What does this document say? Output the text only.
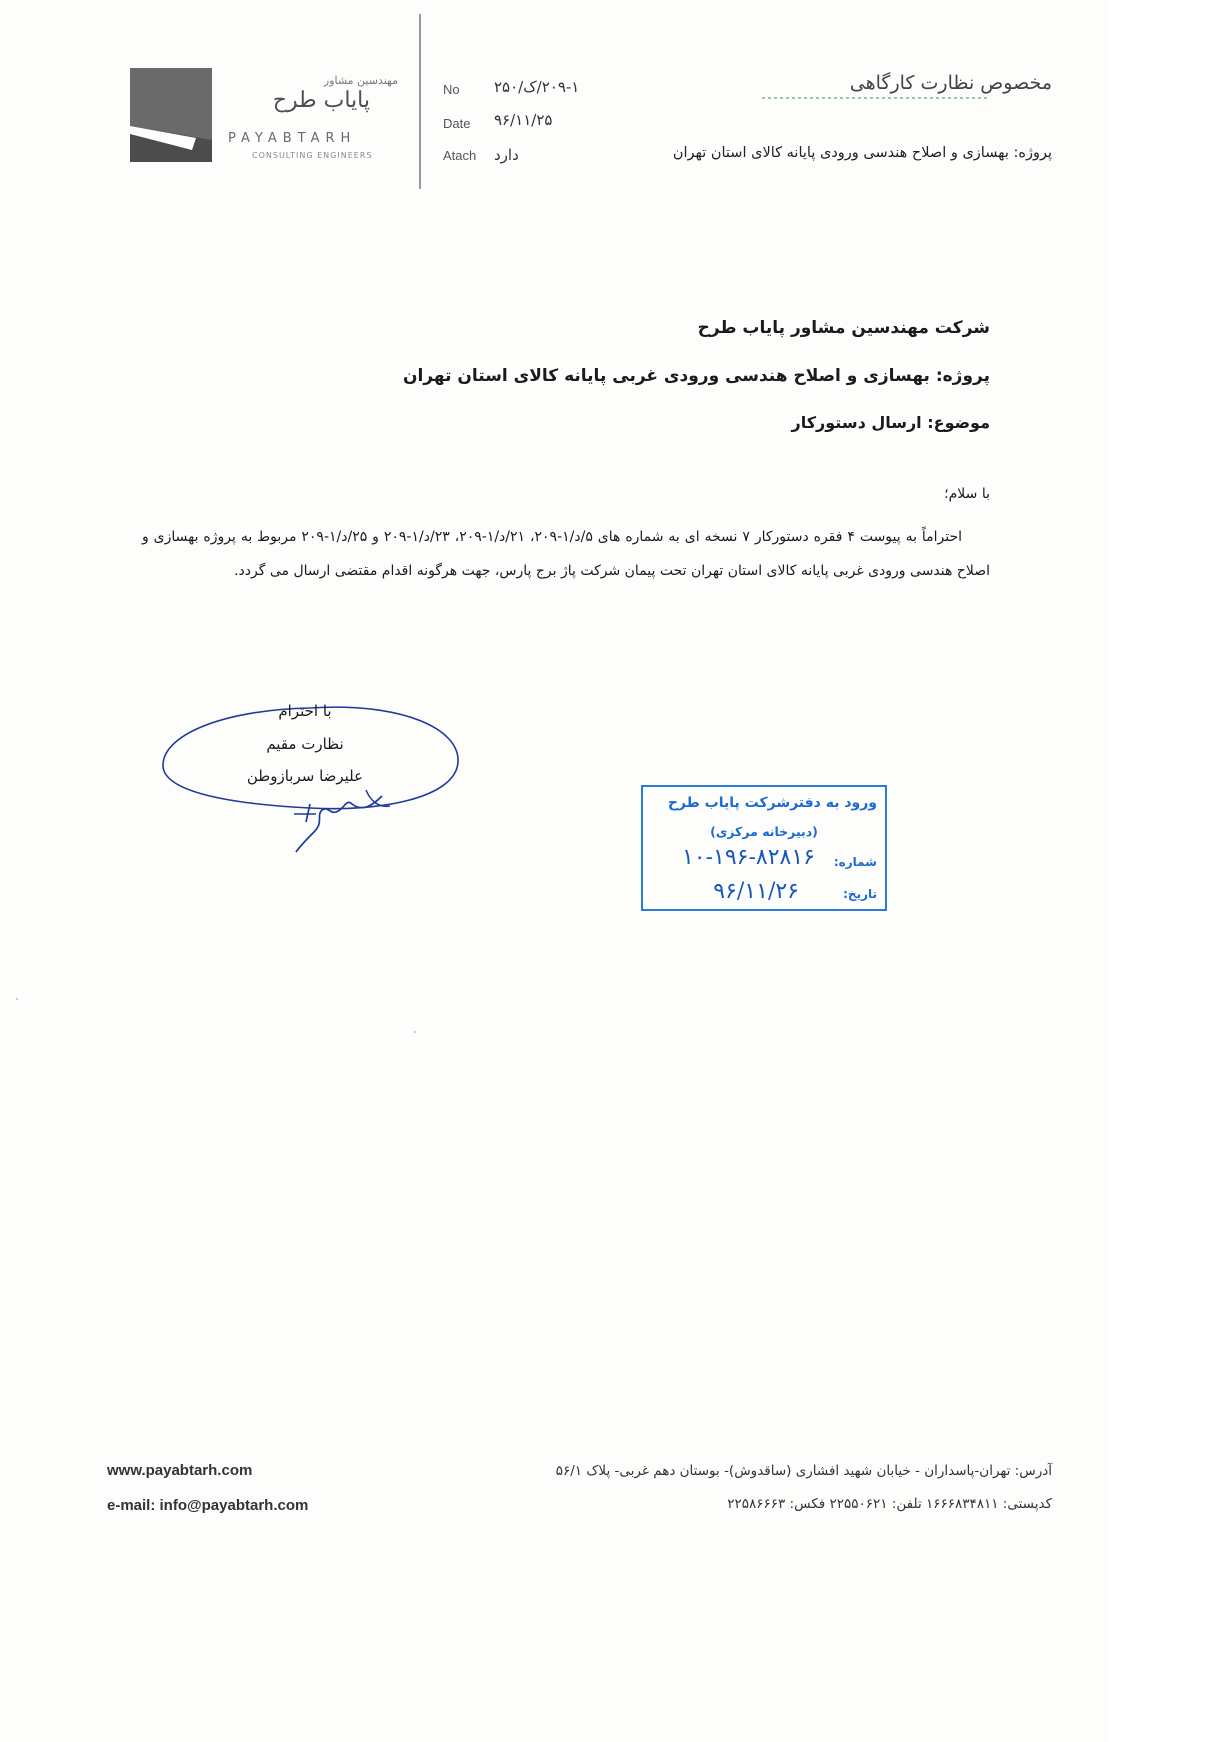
مهندسین مشاور
پایاب طرح
PAYABTARH
CONSULTING ENGINEERS
No ۲۰۹-۱/ک/۲۵۰
Date ۹۶/۱۱/۲۵
Atach دارد
مخصوص نظارت کارگاهی
پروژه: بهسازی و اصلاح هندسی ورودی پایانه کالای استان تهران
شرکت مهندسین مشاور پایاب طرح
پروژه: بهسازی و اصلاح هندسی ورودی غربی پایانه کالای استان تهران
موضوع: ارسال دستورکار
با سلام؛

احتراماً به پیوست ۴ فقره دستورکار ۷ نسخه ای به شماره های ۵/د/۱-۲۰۹، ۲۱/د/۱-۲۰۹، ۲۳/د/۱-۲۰۹ و ۲۵/د/۱-۲۰۹ مربوط به پروژه بهسازی و اصلاح هندسی ورودی غربی پایانه کالای استان تهران تحت پیمان شرکت پاژ برج پارس، جهت هرگونه اقدام مقتضی ارسال می گردد.

با احترام
نظارت مقیم
علیرضا سربازوطن
ورود به دفترشرکت پایاب طرح
(دبیرخانه مرکزی)
شماره:
۱۰-۱۹۶-۸۲۸۱۶
تاریخ:
۹۶/۱۱/۲۶
www.payabtarh.com
e-mail: info@payabtarh.com
آدرس: تهران-پاسداران - خیابان شهید افشاری (ساقدوش)- بوستان دهم غربی- پلاک ۵۶/۱
کدپستی: ۱۶۶۶۸۳۴۸۱۱ تلفن: ۲۲۵۵۰۶۲۱ فکس: ۲۲۵۸۶۶۶۳
